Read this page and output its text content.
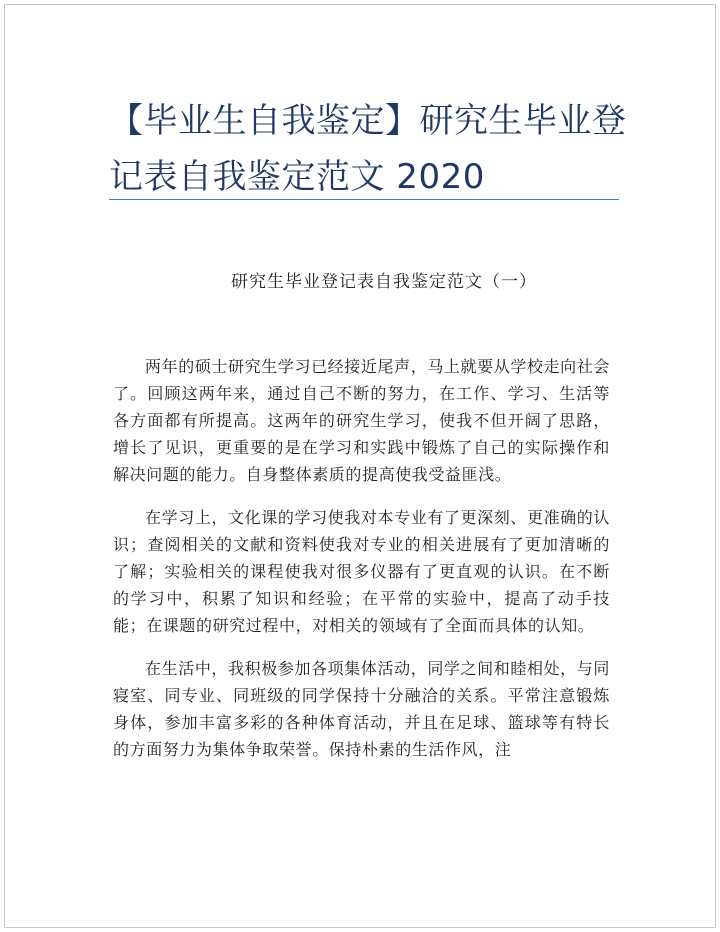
【毕业生自我鉴定】研究生毕业登记表自我鉴定范文 2020
研究生毕业登记表自我鉴定范文（一）

两年的硕士研究生学习已经接近尾声，马上就要从学校走向社会了。回顾这两年来，通过自己不断的努力，在工作、学习、生活等各方面都有所提高。这两年的研究生学习，使我不但开阔了思路，增长了见识，更重要的是在学习和实践中锻炼了自己的实际操作和解决问题的能力。自身整体素质的提高使我受益匪浅。

在学习上，文化课的学习使我对本专业有了更深刻、更准确的认识；查阅相关的文献和资料使我对专业的相关进展有了更加清晰的了解；实验相关的课程使我对很多仪器有了更直观的认识。在不断的学习中，积累了知识和经验；在平常的实验中，提高了动手技能；在课题的研究过程中，对相关的领域有了全面而具体的认知。

在生活中，我积极参加各项集体活动，同学之间和睦相处，与同寝室、同专业、同班级的同学保持十分融洽的关系。平常注意锻炼身体，参加丰富多彩的各种体育活动，并且在足球、篮球等有特长的方面努力为集体争取荣誉。保持朴素的生活作风，注
